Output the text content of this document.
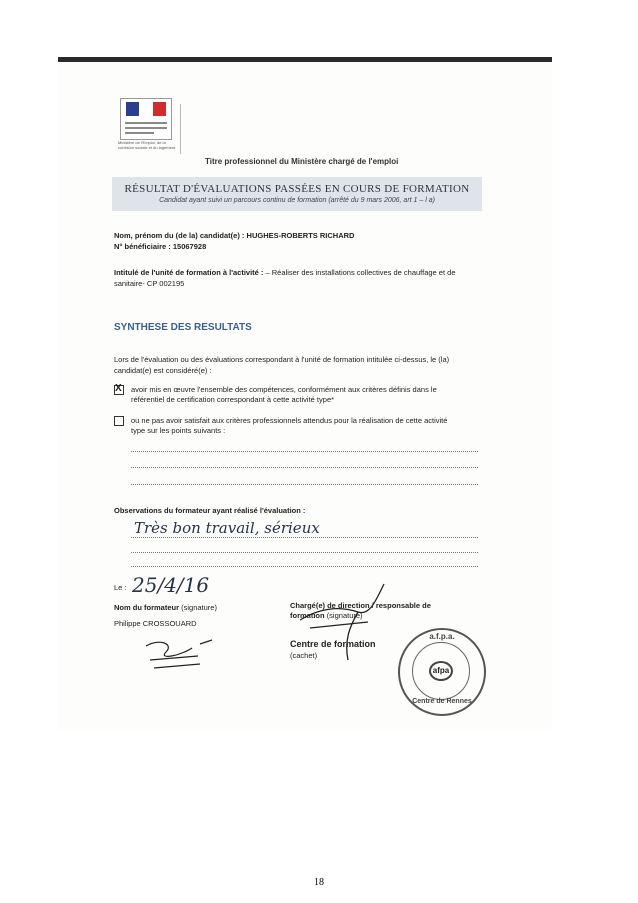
Ministère de l'Emploi, de la cohésion sociale et du logement
Titre professionnel du Ministère chargé de l'emploi
RÉSULTAT D'ÉVALUATIONS PASSÉES EN COURS DE FORMATION
Candidat ayant suivi un parcours continu de formation (arrêté du 9 mars 2006, art 1 – l a)
Nom, prénom du (de la) candidat(e) : HUGHES-ROBERTS RICHARD
N° bénéficiaire : 15067928
Intitulé de l'unité de formation à l'activité : – Réaliser des installations collectives de chauffage et de
sanitaire- CP 002195
SYNTHESE DES RESULTATS
Lors de l'évaluation ou des évaluations correspondant à l'unité de formation intitulée ci-dessus, le (la)
candidat(e) est considéré(e) :
X avoir mis en œuvre l'ensemble des compétences, conformément aux critères définis dans le
référentiel de certification correspondant à cette activité type*
ou ne pas avoir satisfait aux critères professionnels attendus pour la réalisation de cette activité
type sur les points suivants :
Observations du formateur ayant réalisé l'évaluation :
Très bon travail, sérieux
Le : 25/4/16
Nom du formateur (signature)
Philippe CROSSOUARD
Chargé(e) de direction / responsable de
formation (signature)
Centre de formation
(cachet)
a.f.p.a.
afpa
Centre de Rennes
18
